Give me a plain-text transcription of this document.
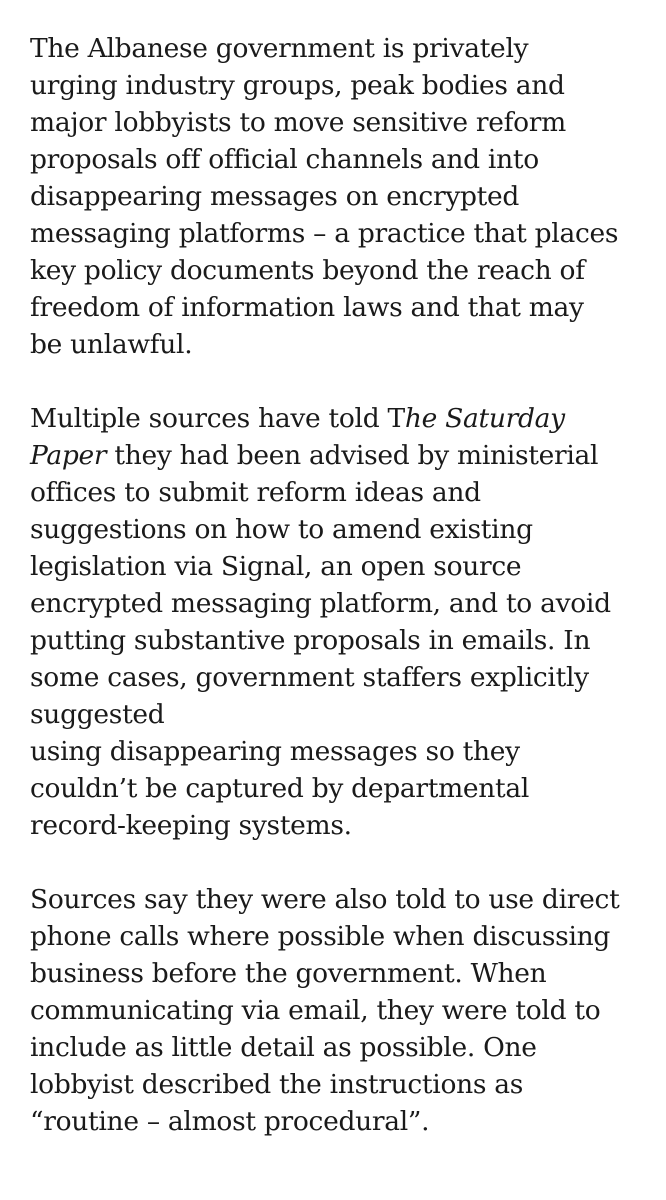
The Albanese government is privately
urging industry groups, peak bodies and
major lobbyists to move sensitive reform
proposals off official channels and into
disappearing messages on encrypted
messaging platforms – a practice that places
key policy documents beyond the reach of
freedom of information laws and that may
be unlawful.

Multiple sources have told The Saturday
Paper they had been advised by ministerial
offices to submit reform ideas and
suggestions on how to amend existing
legislation via Signal, an open source
encrypted messaging platform, and to avoid
putting substantive proposals in emails. In
some cases, government staffers explicitly
suggested
using disappearing messages so they
couldn’t be captured by departmental
record-keeping systems.

Sources say they were also told to use direct
phone calls where possible when discussing
business before the government. When
communicating via email, they were told to
include as little detail as possible. One
lobbyist described the instructions as
“routine – almost procedural”.
